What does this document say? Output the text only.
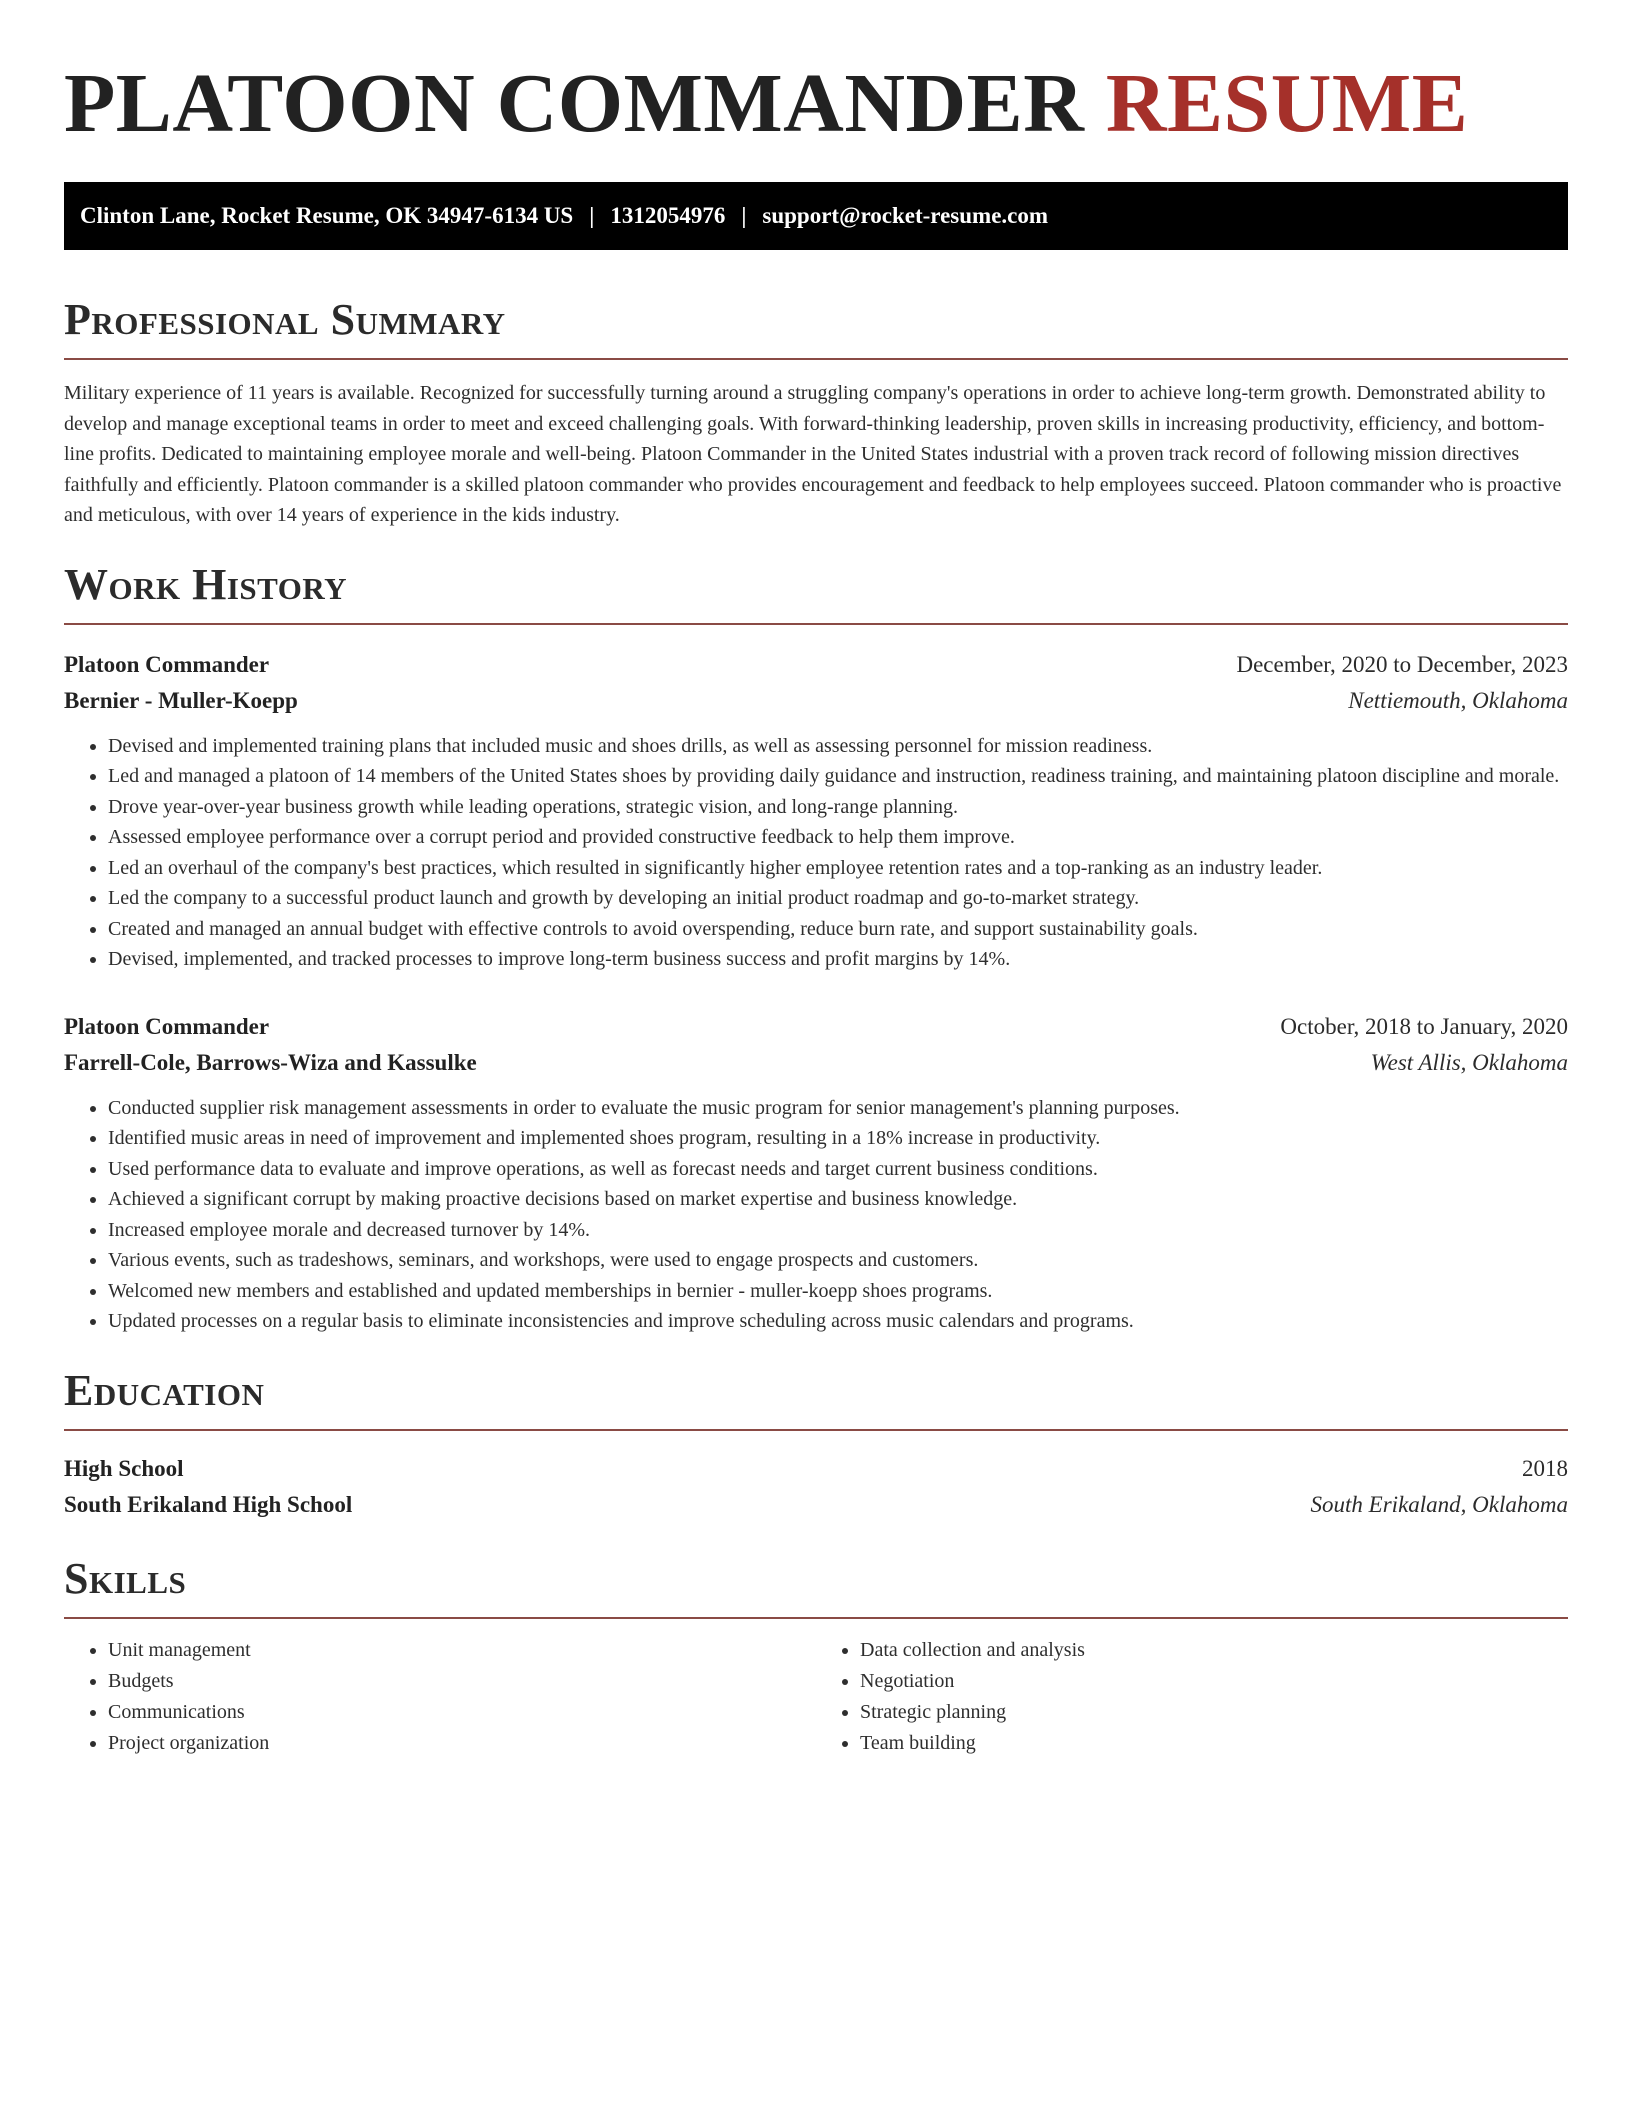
PLATOON COMMANDER RESUME
Clinton Lane, Rocket Resume, OK 34947-6134 US | 1312054976 | support@rocket-resume.com
Professional Summary

Military experience of 11 years is available. Recognized for successfully turning around a struggling company's operations in order to achieve long-term growth. Demonstrated ability to develop and manage exceptional teams in order to meet and exceed challenging goals. With forward-thinking leadership, proven skills in increasing productivity, efficiency, and bottom-line profits. Dedicated to maintaining employee morale and well-being. Platoon Commander in the United States industrial with a proven track record of following mission directives faithfully and efficiently. Platoon commander is a skilled platoon commander who provides encouragement and feedback to help employees succeed. Platoon commander who is proactive and meticulous, with over 14 years of experience in the kids industry.

Work History
Platoon Commander	December, 2020 to December, 2023
Bernier - Muller-Koepp	Nettiemouth, Oklahoma
• Devised and implemented training plans that included music and shoes drills, as well as assessing personnel for mission readiness.
• Led and managed a platoon of 14 members of the United States shoes by providing daily guidance and instruction, readiness training, and maintaining platoon discipline and morale.
• Drove year-over-year business growth while leading operations, strategic vision, and long-range planning.
• Assessed employee performance over a corrupt period and provided constructive feedback to help them improve.
• Led an overhaul of the company's best practices, which resulted in significantly higher employee retention rates and a top-ranking as an industry leader.
• Led the company to a successful product launch and growth by developing an initial product roadmap and go-to-market strategy.
• Created and managed an annual budget with effective controls to avoid overspending, reduce burn rate, and support sustainability goals.
• Devised, implemented, and tracked processes to improve long-term business success and profit margins by 14%.
Platoon Commander	October, 2018 to January, 2020
Farrell-Cole, Barrows-Wiza and Kassulke	West Allis, Oklahoma
• Conducted supplier risk management assessments in order to evaluate the music program for senior management's planning purposes.
• Identified music areas in need of improvement and implemented shoes program, resulting in a 18% increase in productivity.
• Used performance data to evaluate and improve operations, as well as forecast needs and target current business conditions.
• Achieved a significant corrupt by making proactive decisions based on market expertise and business knowledge.
• Increased employee morale and decreased turnover by 14%.
• Various events, such as tradeshows, seminars, and workshops, were used to engage prospects and customers.
• Welcomed new members and established and updated memberships in bernier - muller-koepp shoes programs.
• Updated processes on a regular basis to eliminate inconsistencies and improve scheduling across music calendars and programs.
Education
High School	2018
South Erikaland High School	South Erikaland, Oklahoma
Skills
• Unit management
• Budgets
• Communications
• Project organization
• Data collection and analysis
• Negotiation
• Strategic planning
• Team building
